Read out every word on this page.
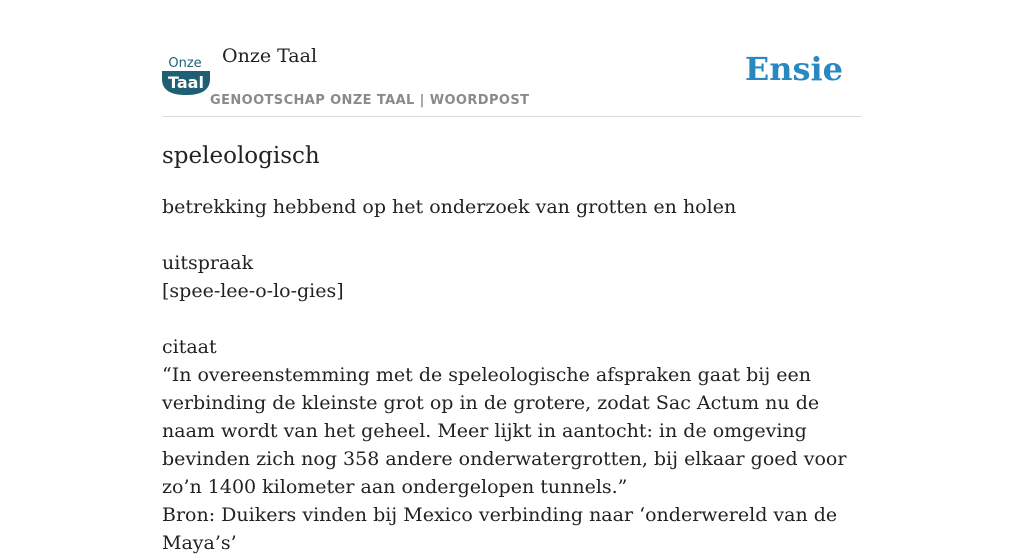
Onze
Taal
Onze Taal
GENOOTSCHAP ONZE TAAL | WOORDPOST
Ensie
speleologisch

betrekking hebbend op het onderzoek van grotten en holen

uitspraak

[spee-lee-o-lo-gies]

citaat

“In overeenstemming met de speleologische afspraken gaat bij een verbinding de kleinste grot op in de grotere, zodat Sac Actum nu de naam wordt van het geheel. Meer lijkt in aantocht: in de omgeving bevinden zich nog 358 andere onderwatergrotten, bij elkaar goed voor zo’n 1400 kilometer aan ondergelopen tunnels.”

Bron: Duikers vinden bij Mexico verbinding naar ‘onderwereld van de Maya’s’
